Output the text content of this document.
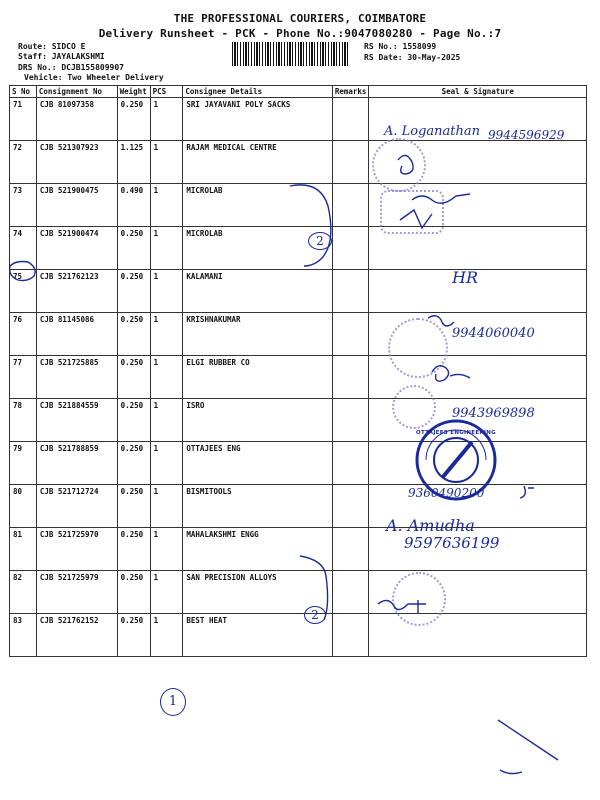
THE PROFESSIONAL COURIERS, COIMBATORE
Delivery Runsheet - PCK - Phone No.:9047080280 - Page No.:7
Route: SIDCO E
Staff: JAYALAKSHMI
DRS No.: DCJB155809907
Vehicle: Two Wheeler Delivery
RS No.: 1558099
RS Date: 30-May-2025
S No	Consignment No	Weight	PCS	Consignee Details	Remarks	Seal & Signature
71	CJB 81097358	0.250	1	SRI JAYAVANI POLY SACKS		
72	CJB 521307923	1.125	1	RAJAM MEDICAL CENTRE		
73	CJB 521900475	0.490	1	MICROLAB		
74	CJB 521900474	0.250	1	MICROLAB		
75	CJB 521762123	0.250	1	KALAMANI		
76	CJB 81145086	0.250	1	KRISHNAKUMAR		
77	CJB 521725885	0.250	1	ELGI RUBBER CO		
78	CJB 521884559	0.250	1	ISRO		
79	CJB 521788859	0.250	1	OTTAJEES ENG		
80	CJB 521712724	0.250	1	BISMITOOLS		
81	CJB 521725970	0.250	1	MAHALAKSHMI ENGG		
82	CJB 521725979	0.250	1	SAN PRECISION ALLOYS		
83	CJB 521762152	0.250	1	BEST HEAT		
OTTAJEES ENGINEERING
A. Loganathan 9944596929
HR
9944060040
9943969898
9360490200
A. Amudha
9597636199
2
2
1
